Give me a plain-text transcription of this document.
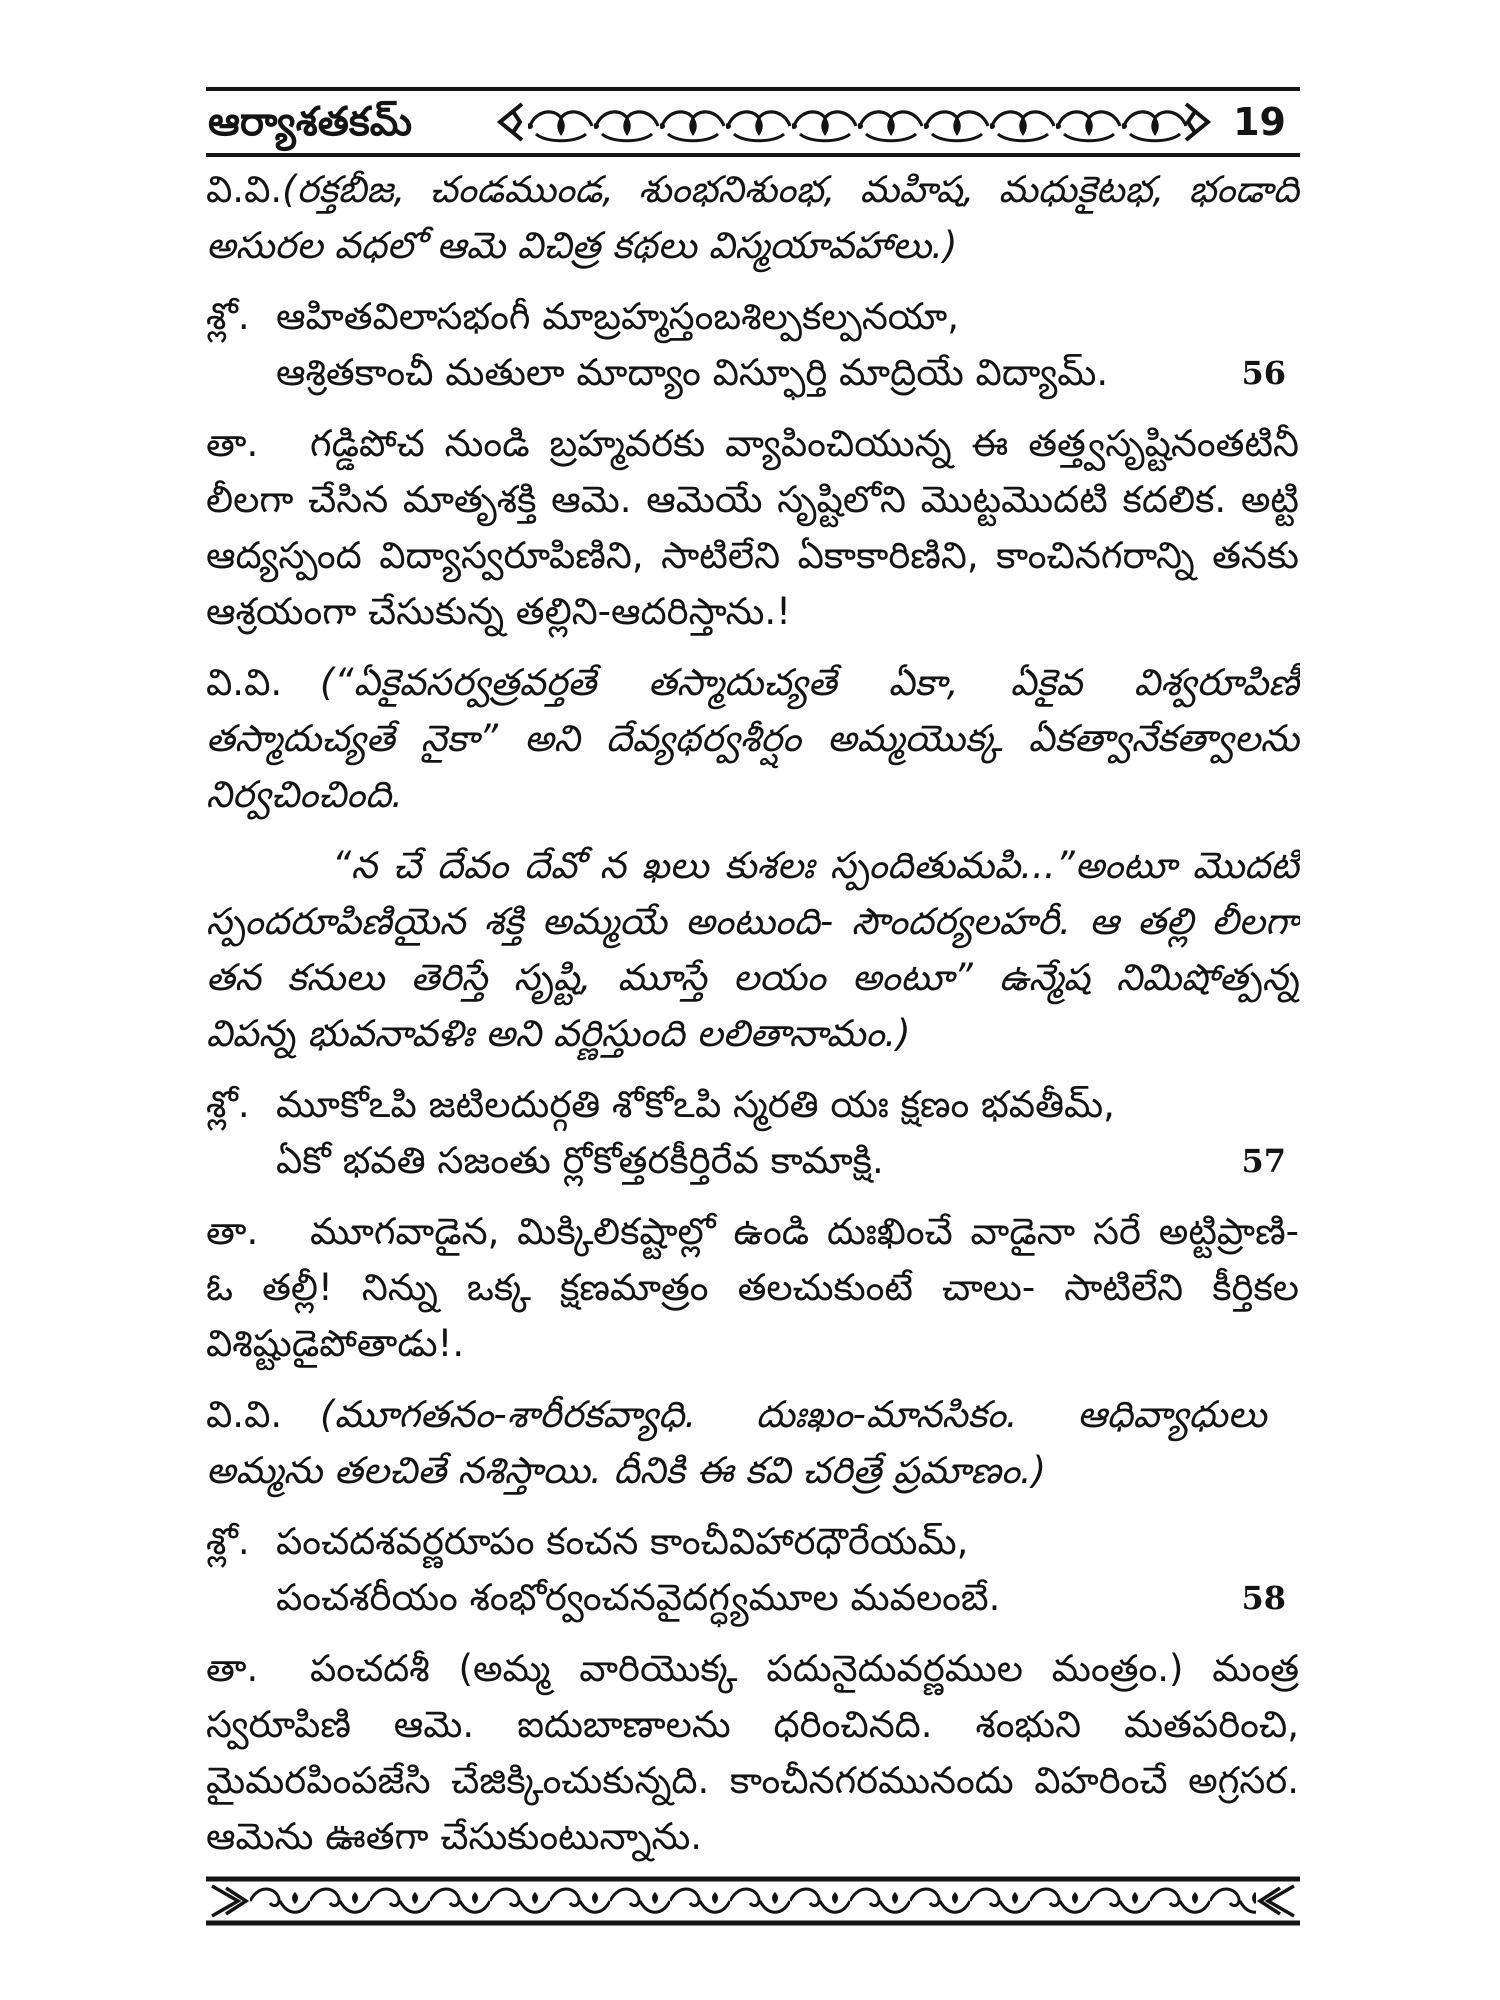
ఆర్యాశతకమ్	19
వి.వి. (రక్తబీజ, చండముండ, శుంభనిశుంభ, మహిష, మధుకైటభ, భండాది
అసురల వధలో ఆమె విచిత్ర కథలు విస్మయావహాలు.)
శ్లో. ఆహితవిలాసభంగీ మాబ్రహ్మస్తంబశిల్పకల్పనయా,
ఆశ్రితకాంచీ మతులా మాద్యాం విస్ఫూర్తి మాద్రియే విద్యామ్.	56
తా.	గడ్డిపోచ నుండి బ్రహ్మవరకు వ్యాపించియున్న ఈ తత్త్వసృష్టినంతటినీ
లీలగా చేసిన మాతృశక్తి ఆమె. ఆమెయే సృష్టిలోని మొట్టమొదటి కదలిక. అట్టి
ఆద్యస్పంద విద్యాస్వరూపిణిని, సాటిలేని ఏకాకారిణిని, కాంచినగరాన్ని తనకు
ఆశ్రయంగా చేసుకున్న తల్లిని-ఆదరిస్తాను.!
వి.వి.	(“ఏకైవసర్వత్రవర్తతే తస్మాదుచ్యతే ఏకా, ఏకైవ విశ్వరూపిణీ
తస్మాదుచ్యతే నైకా” అని దేవ్యథర్వశీర్షం అమ్మయొక్క ఏకత్వానేకత్వాలను
నిర్వచించింది.
“న చే దేవం దేవో న ఖలు కుశలః స్పందితుమపి...”అంటూ మొదటి
స్పందరూపిణియైన శక్తి అమ్మయే అంటుంది- సౌందర్యలహరీ. ఆ తల్లి లీలగా
తన కనులు తెరిస్తే సృష్టి, మూస్తే లయం అంటూ” ఉన్మేష నిమిషోత్పన్న
విపన్న భువనావళిః అని వర్ణిస్తుంది లలితానామం.)
శ్లో. మూకోఽపి జటిలదుర్గతి శోకోఽపి స్మరతి యః క్షణం భవతీమ్,
ఏకో భవతి సజంతు ర్లోకోత్తరకీర్తిరేవ కామాక్షి.	57
తా.	మూగవాడైన, మిక్కిలికష్టాల్లో ఉండి దుఃఖించే వాడైనా సరే అట్టిప్రాణి-
ఓ తల్లీ! నిన్ను ఒక్క క్షణమాత్రం తలచుకుంటే చాలు- సాటిలేని కీర్తికల
విశిష్టుడైపోతాడు!.
వి.వి.	(మూగతనం-శారీరకవ్యాధి. దుఃఖం-మానసికం. ఆధివ్యాధులు
అమ్మను తలచితే నశిస్తాయి. దీనికి ఈ కవి చరిత్రే ప్రమాణం.)
శ్లో. పంచదశవర్ణరూపం కంచన కాంచీవిహారధౌరేయమ్,
పంచశరీయం శంభోర్వంచనవైదగ్ధ్యమూల మవలంబే.	58
తా.	పంచదశీ (అమ్మ వారియొక్క పదునైదువర్ణముల మంత్రం.) మంత్ర
స్వరూపిణి ఆమె. ఐదుబాణాలను ధరించినది. శంభుని మతపరించి,
మైమరపింపజేసి చేజిక్కించుకున్నది. కాంచీనగరమునందు విహరించే అగ్రసర.
ఆమెను ఊతగా చేసుకుంటున్నాను.
